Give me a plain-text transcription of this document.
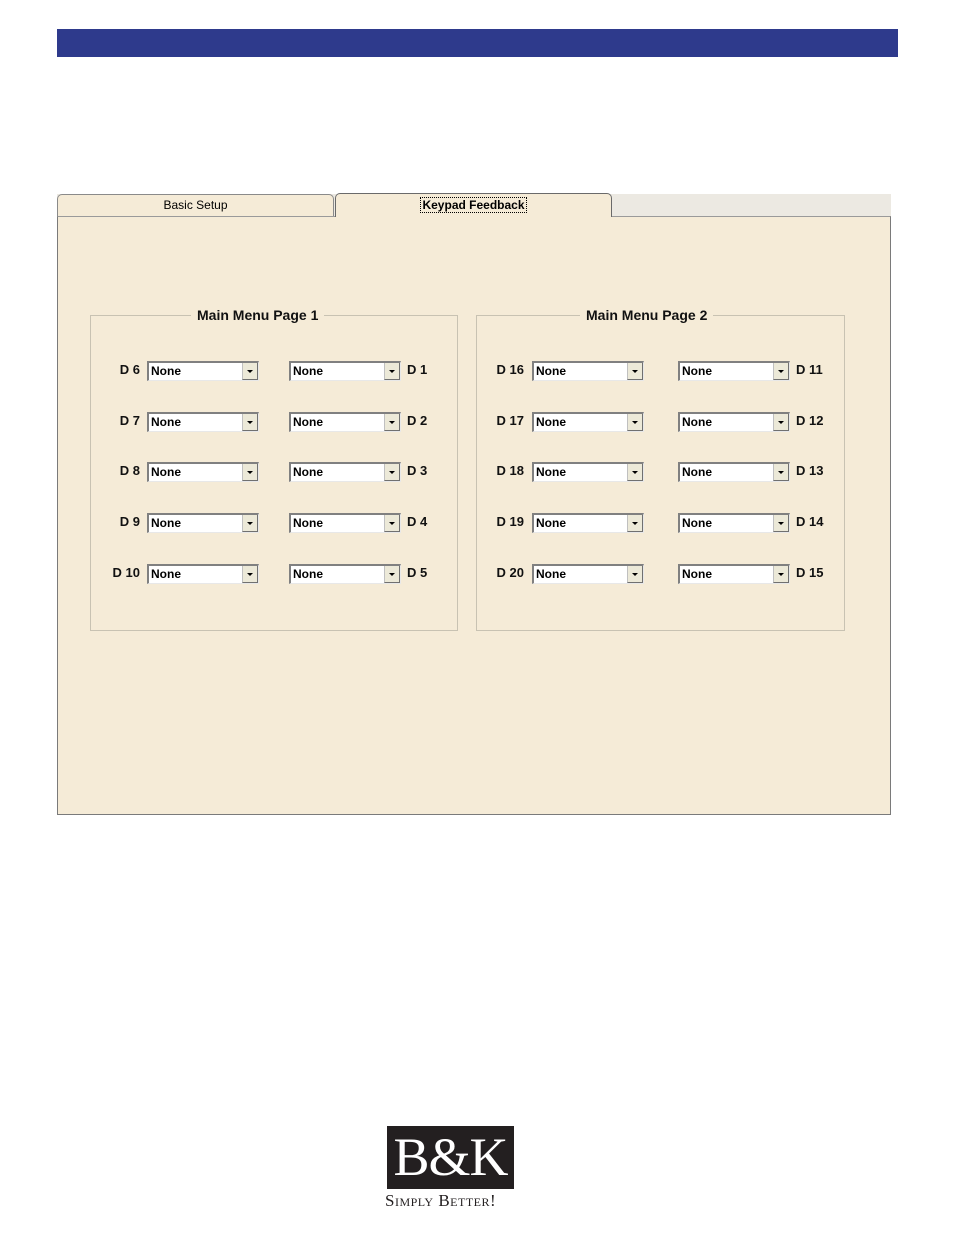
Basic Setup	Keypad Feedback
Main Menu Page 1	Main Menu Page 2
D 6 None	None	D 1
D 7 None	None	D 2
D 8 None	None	D 3
D 9 None	None	D 4
D 10 None	None	D 5
D 16 None	None	D 11
D 17 None	None	D 12
D 18 None	None	D 13
D 19 None	None	D 14
D 20 None	None	D 15
B&K
Simply Better!
